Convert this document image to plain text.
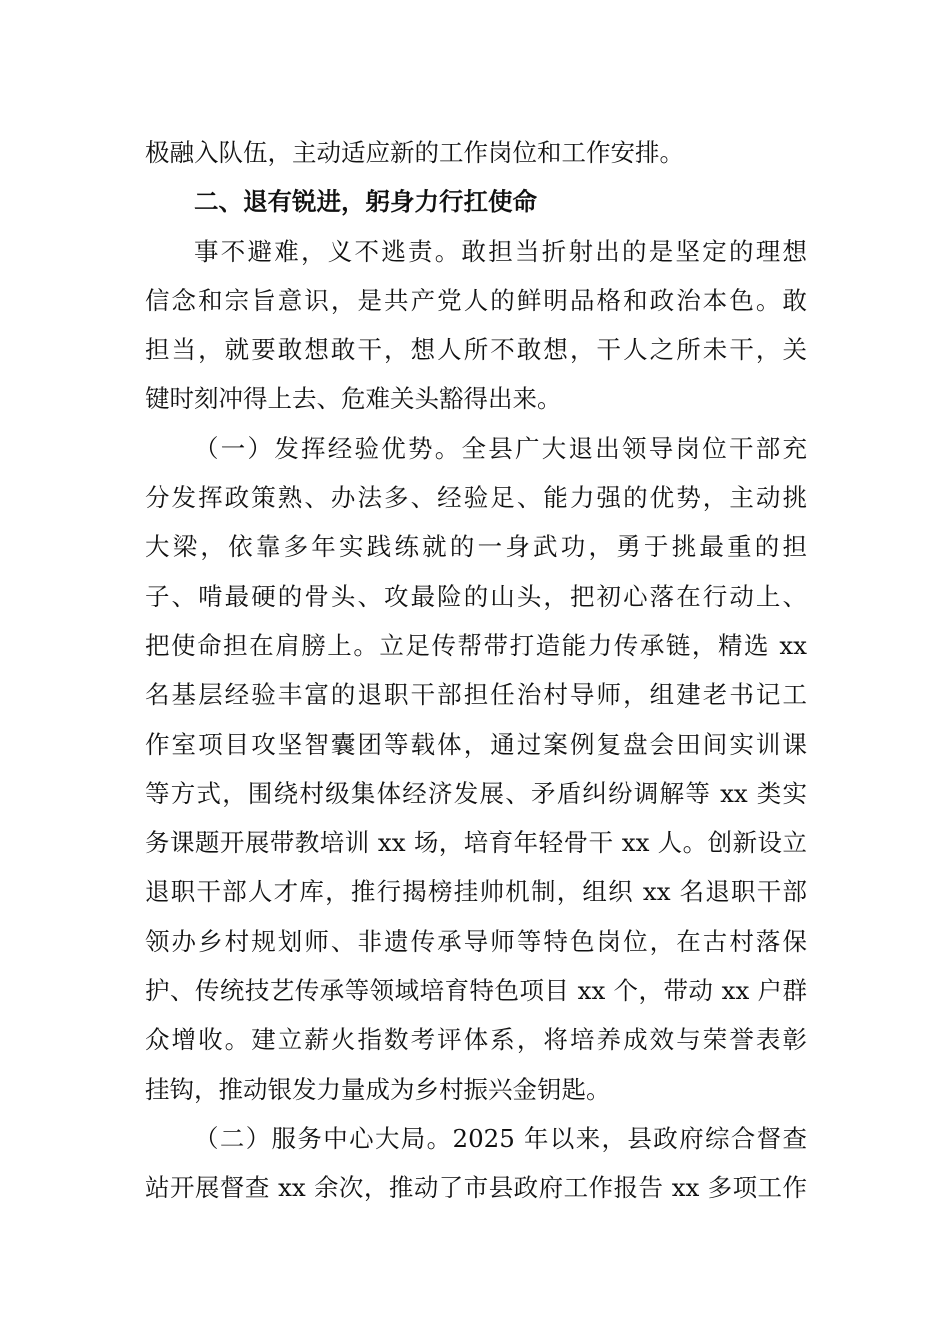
极融入队伍，主动适应新的工作岗位和工作安排。
二、退有锐进，躬身力行扛使命
事不避难，义不逃责。敢担当折射出的是坚定的理想
信念和宗旨意识，是共产党人的鲜明品格和政治本色。敢
担当，就要敢想敢干，想人所不敢想，干人之所未干，关
键时刻冲得上去、危难关头豁得出来。
（一）发挥经验优势。全县广大退出领导岗位干部充
分发挥政策熟、办法多、经验足、能力强的优势，主动挑
大梁，依靠多年实践练就的一身武功，勇于挑最重的担
子、啃最硬的骨头、攻最险的山头，把初心落在行动上、
把使命担在肩膀上。立足传帮带打造能力传承链，精选 xx
名基层经验丰富的退职干部担任治村导师，组建老书记工
作室项目攻坚智囊团等载体，通过案例复盘会田间实训课
等方式，围绕村级集体经济发展、矛盾纠纷调解等 xx 类实
务课题开展带教培训 xx 场，培育年轻骨干 xx 人。创新设立
退职干部人才库，推行揭榜挂帅机制，组织 xx 名退职干部
领办乡村规划师、非遗传承导师等特色岗位，在古村落保
护、传统技艺传承等领域培育特色项目 xx 个，带动 xx 户群
众增收。建立薪火指数考评体系，将培养成效与荣誉表彰
挂钩，推动银发力量成为乡村振兴金钥匙。
（二）服务中心大局。2025 年以来，县政府综合督查
站开展督查 xx 余次，推动了市县政府工作报告 xx 多项工作
